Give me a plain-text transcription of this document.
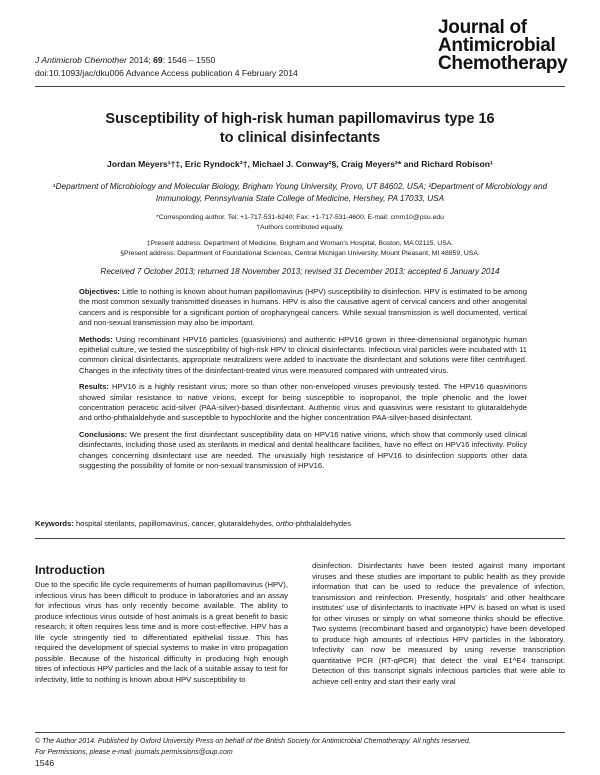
J Antimicrob Chemother 2014; 69: 1546 – 1550
doi:10.1093/jac/dku006 Advance Access publication 4 February 2014
Journal of
Antimicrobial
Chemotherapy
Susceptibility of high-risk human papillomavirus type 16
to clinical disinfectants
Jordan Meyers¹†‡, Eric Ryndock²†, Michael J. Conway²§, Craig Meyers²* and Richard Robison¹
¹Department of Microbiology and Molecular Biology, Brigham Young University, Provo, UT 84602, USA; ²Department of Microbiology and
Immunology, Pennsylvania State College of Medicine, Hershey, PA 17033, USA
*Corresponding author. Tel: +1-717-531-6240; Fax: +1-717-531-4600; E-mail: cmm10@psu.edu
†Authors contributed equally.
‡Present address: Department of Medicine, Brigham and Woman's Hospital, Boston, MA 02115, USA.
§Present address: Department of Foundational Sciences, Central Michigan University, Mount Pleasant, MI 48859, USA.
Received 7 October 2013; returned 18 November 2013; revised 31 December 2013; accepted 6 January 2014

Objectives: Little to nothing is known about human papillomavirus (HPV) susceptibility to disinfection. HPV is estimated to be among the most common sexually transmitted diseases in humans. HPV is also the causative agent of cervical cancers and other anogenital cancers and is responsible for a significant portion of oropharyngeal cancers. While sexual transmission is well documented, vertical and non-sexual transmission may also be important.

Methods: Using recombinant HPV16 particles (quasivirions) and authentic HPV16 grown in three-dimensional organotypic human epithelial culture, we tested the susceptibility of high-risk HPV to clinical disinfectants. Infectious viral particles were incubated with 11 common clinical disinfectants, appropriate neutralizers were added to inactivate the disinfectant and solutions were filter centrifuged. Changes in the infectivity titres of the disinfectant-treated virus were measured compared with untreated virus.

Results: HPV16 is a highly resistant virus; more so than other non-enveloped viruses previously tested. The HPV16 quasivirions showed similar resistance to native virions, except for being susceptible to isopropanol, the triple phenolic and the lower concentration peracetic acid-silver (PAA-silver)-based disinfectant. Authentic virus and quasivirus were resistant to glutaraldehyde and ortho-phthalaldehyde and susceptible to hypochlorite and the higher concentration PAA-silver-based disinfectant.

Conclusions: We present the first disinfectant susceptibility data on HPV16 native virions, which show that commonly used clinical disinfectants, including those used as sterilants in medical and dental healthcare facilities, have no effect on HPV16 infectivity. Policy changes concerning disinfectant use are needed. The unusually high resistance of HPV16 to disinfection supports other data suggesting the possibility of fomite or non-sexual transmission of HPV16.

Keywords: hospital sterilants, papillomavirus, cancer, glutaraldehydes, ortho-phthalaldehydes
Introduction
Due to the specific life cycle requirements of human papillomavirus (HPV), infectious virus has been difficult to produce in laboratories and an assay for infectious virus has only recently become available. The ability to produce infectious virus outside of host animals is a great benefit to basic research; it often requires less time and is more cost-effective. HPV has a life cycle stringently tied to differentiated epithelial tissue. This has required the development of special systems to make in vitro propagation possible. Because of the historical difficulty in producing high enough titres of infectious HPV particles and the lack of a suitable assay to test for infectivity, little to nothing is known about HPV susceptibility to
disinfection. Disinfectants have been tested against many important viruses and these studies are important to public health as they provide information that can be used to reduce the prevalence of infection, transmission and reinfection. Presently, hospitals' and other healthcare institutes' use of disinfectants to inactivate HPV is based on what is used for other viruses or simply on what someone thinks should be effective. Two systems (recombinant based and organotypic) have been developed to produce high amounts of infectious HPV particles in the laboratory. Infectivity can now be measured by using reverse transcription quantitative PCR (RT-qPCR) that detect the viral E1^E4 transcript. Detection of this transcript signals infectious particles that were able to achieve cell entry and start their early viral
© The Author 2014. Published by Oxford University Press on behalf of the British Society for Antimicrobial Chemotherapy. All rights reserved.
For Permissions, please e-mail: journals.permissions@oup.com
1546
